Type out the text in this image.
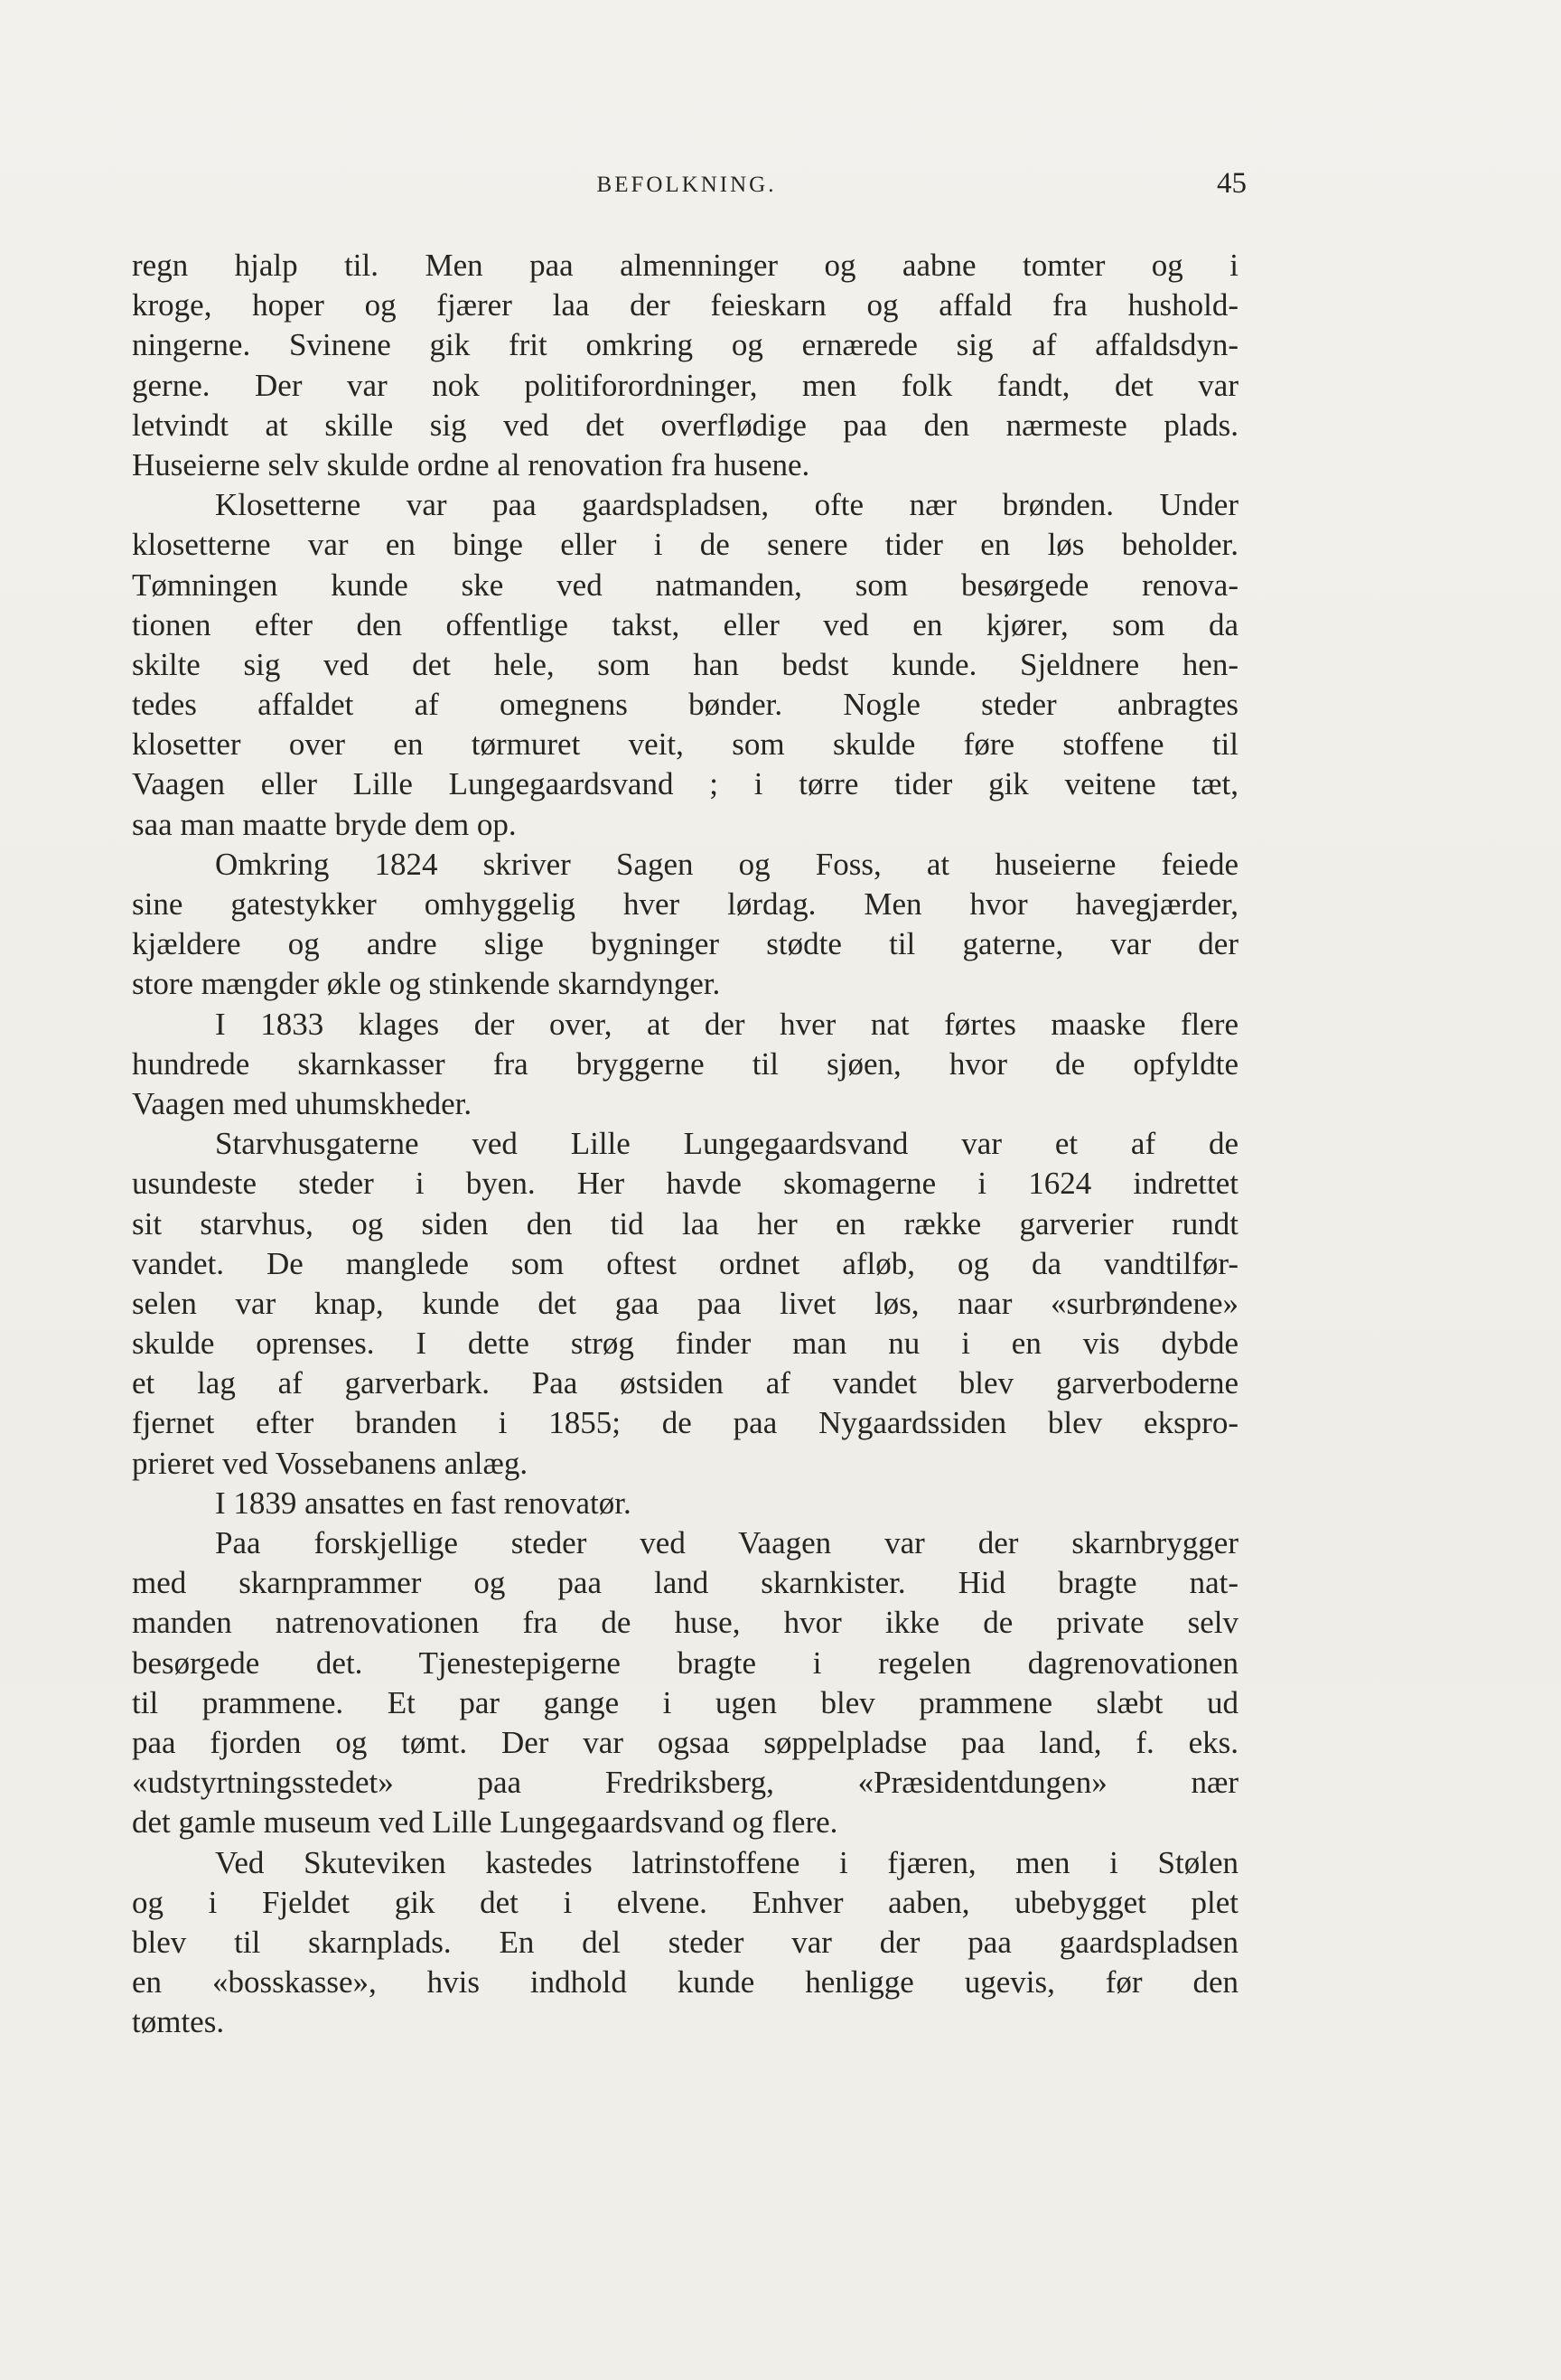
BEFOLKNING.	45
regn hjalp til. Men paa almenninger og aabne tomter og i
kroge, hoper og fjærer laa der feieskarn og affald fra hushold-
ningerne. Svinene gik frit omkring og ernærede sig af affaldsdyn-
gerne. Der var nok politiforordninger, men folk fandt, det var
letvindt at skille sig ved det overflødige paa den nærmeste plads.
Huseierne selv skulde ordne al renovation fra husene.
Klosetterne var paa gaardspladsen, ofte nær brønden. Under
klosetterne var en binge eller i de senere tider en løs beholder.
Tømningen kunde ske ved natmanden, som besørgede renova-
tionen efter den offentlige takst, eller ved en kjører, som da
skilte sig ved det hele, som han bedst kunde. Sjeldnere hen-
tedes affaldet af omegnens bønder. Nogle steder anbragtes
klosetter over en tørmuret veit, som skulde føre stoffene til
Vaagen eller Lille Lungegaardsvand ; i tørre tider gik veitene tæt,
saa man maatte bryde dem op.
Omkring 1824 skriver Sagen og Foss, at huseierne feiede
sine gatestykker omhyggelig hver lørdag. Men hvor havegjærder,
kjældere og andre slige bygninger stødte til gaterne, var der
store mængder økle og stinkende skarndynger.
I 1833 klages der over, at der hver nat førtes maaske flere
hundrede skarnkasser fra bryggerne til sjøen, hvor de opfyldte
Vaagen med uhumskheder.
Starvhusgaterne ved Lille Lungegaardsvand var et af de
usundeste steder i byen. Her havde skomagerne i 1624 indrettet
sit starvhus, og siden den tid laa her en række garverier rundt
vandet. De manglede som oftest ordnet afløb, og da vandtilfør-
selen var knap, kunde det gaa paa livet løs, naar «surbrøndene»
skulde oprenses. I dette strøg finder man nu i en vis dybde
et lag af garverbark. Paa østsiden af vandet blev garverboderne
fjernet efter branden i 1855; de paa Nygaardssiden blev ekspro-
prieret ved Vossebanens anlæg.
I 1839 ansattes en fast renovatør.
Paa forskjellige steder ved Vaagen var der skarnbrygger
med skarnprammer og paa land skarnkister. Hid bragte nat-
manden natrenovationen fra de huse, hvor ikke de private selv
besørgede det. Tjenestepigerne bragte i regelen dagrenovationen
til prammene. Et par gange i ugen blev prammene slæbt ud
paa fjorden og tømt. Der var ogsaa søppelpladse paa land, f. eks.
«udstyrtningsstedet» paa Fredriksberg, «Præsidentdungen» nær
det gamle museum ved Lille Lungegaardsvand og flere.
Ved Skuteviken kastedes latrinstoffene i fjæren, men i Stølen
og i Fjeldet gik det i elvene. Enhver aaben, ubebygget plet
blev til skarnplads. En del steder var der paa gaardspladsen
en «bosskasse», hvis indhold kunde henligge ugevis, før den
tømtes.
